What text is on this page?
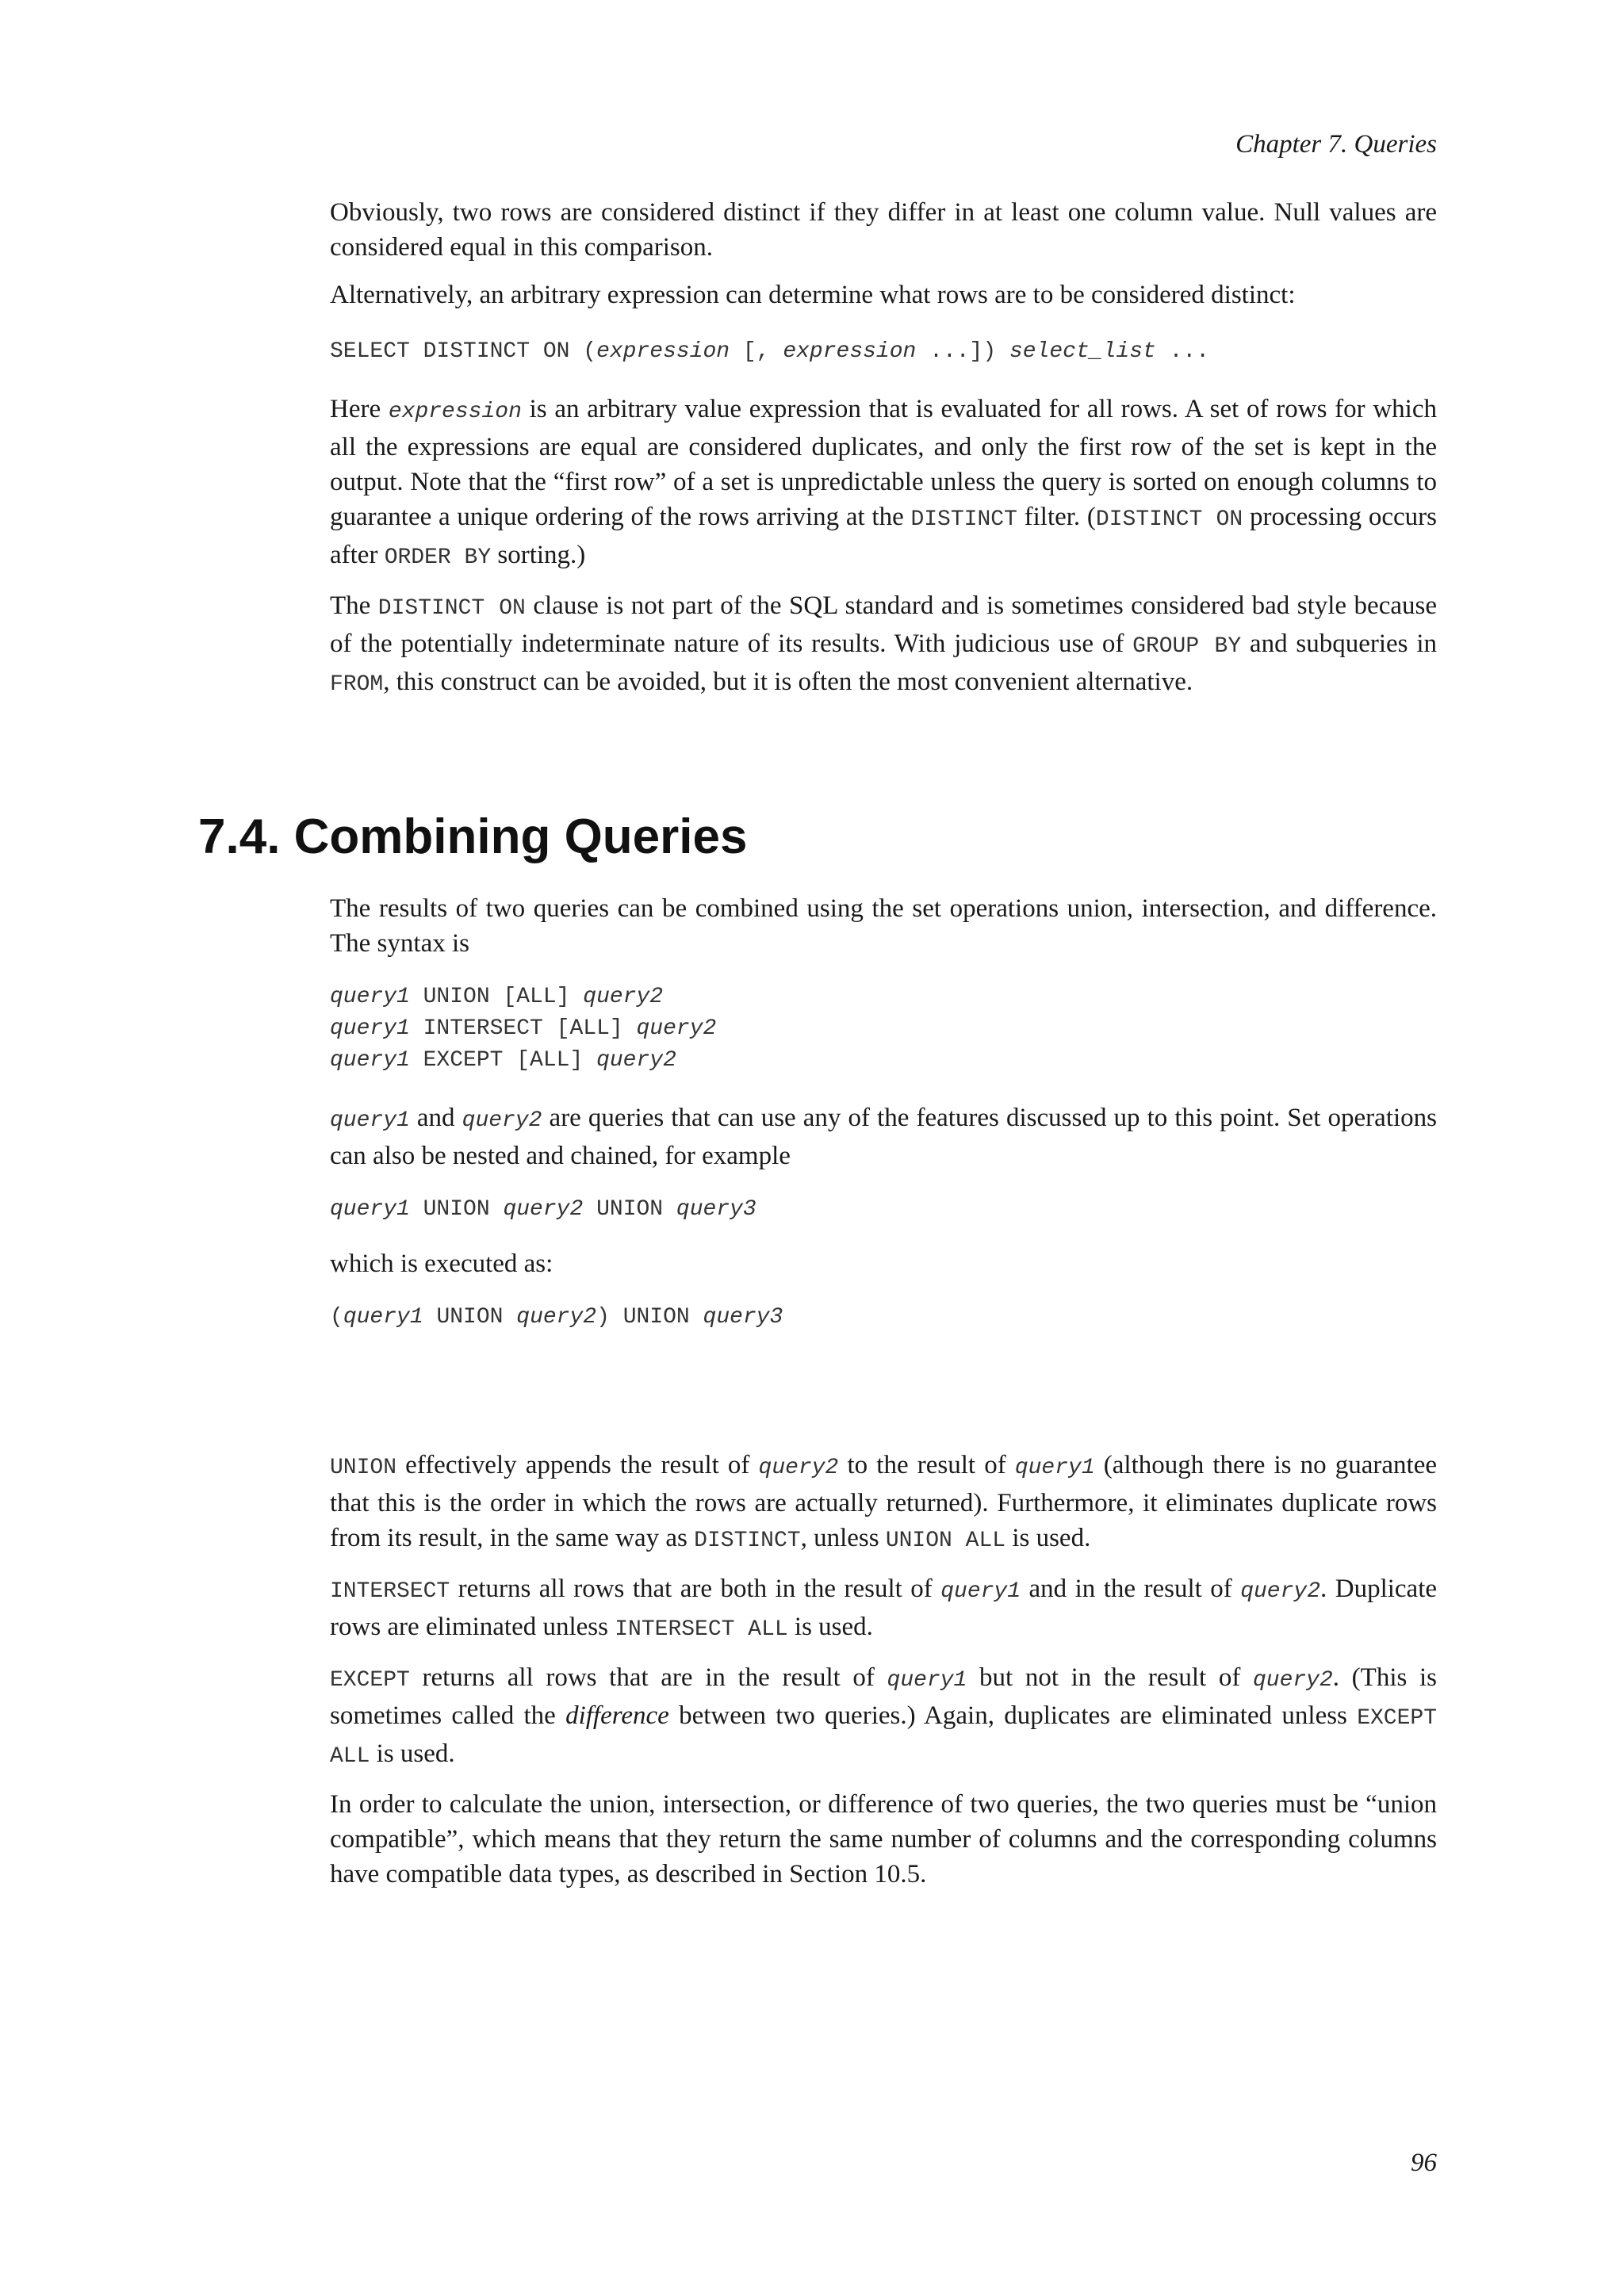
Chapter 7. Queries

Obviously, two rows are considered distinct if they differ in at least one column value. Null values are considered equal in this comparison.

Alternatively, an arbitrary expression can determine what rows are to be considered distinct:

SELECT DISTINCT ON (expression [, expression ...]) select_list ...

Here expression is an arbitrary value expression that is evaluated for all rows. A set of rows for which all the expressions are equal are considered duplicates, and only the first row of the set is kept in the output. Note that the “first row” of a set is unpredictable unless the query is sorted on enough columns to guarantee a unique ordering of the rows arriving at the DISTINCT filter. (DISTINCT ON processing occurs after ORDER BY sorting.)

The DISTINCT ON clause is not part of the SQL standard and is sometimes considered bad style because of the potentially indeterminate nature of its results. With judicious use of GROUP BY and subqueries in FROM, this construct can be avoided, but it is often the most convenient alternative.

7.4. Combining Queries

The results of two queries can be combined using the set operations union, intersection, and difference. The syntax is

query1 UNION [ALL] query2
query1 INTERSECT [ALL] query2
query1 EXCEPT [ALL] query2

query1 and query2 are queries that can use any of the features discussed up to this point. Set operations can also be nested and chained, for example

query1 UNION query2 UNION query3

which is executed as:

(query1 UNION query2) UNION query3

UNION effectively appends the result of query2 to the result of query1 (although there is no guarantee that this is the order in which the rows are actually returned). Furthermore, it eliminates duplicate rows from its result, in the same way as DISTINCT, unless UNION ALL is used.

INTERSECT returns all rows that are both in the result of query1 and in the result of query2. Duplicate rows are eliminated unless INTERSECT ALL is used.

EXCEPT returns all rows that are in the result of query1 but not in the result of query2. (This is sometimes called the difference between two queries.) Again, duplicates are eliminated unless EXCEPT ALL is used.

In order to calculate the union, intersection, or difference of two queries, the two queries must be “union compatible”, which means that they return the same number of columns and the corresponding columns have compatible data types, as described in Section 10.5.

96
